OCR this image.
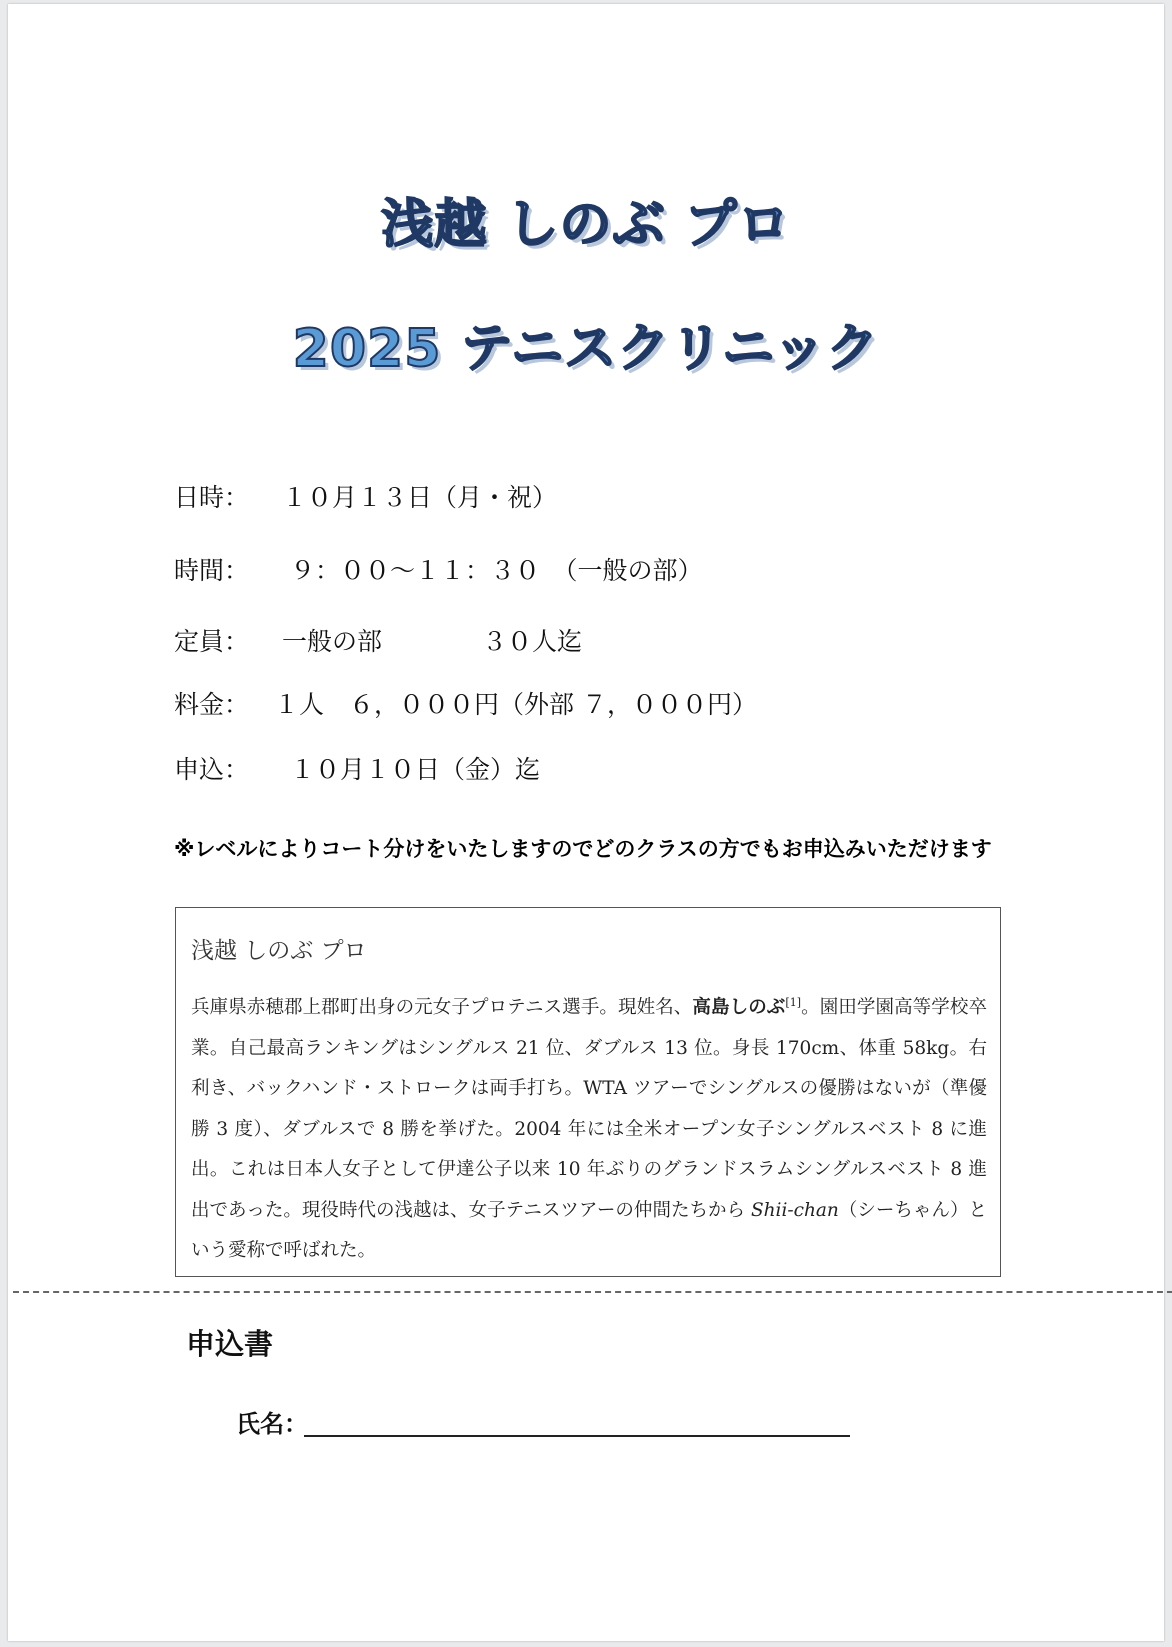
浅越 しのぶ プロ
2025 テニスクリニック
日時： １０月１３日（月・祝）
時間： ９：００～１１：３０　（一般の部）
定員： 一般の部　　　　３０人迄
料金： １人　６，０００円（外部 ７，０００円）
申込： １０月１０日（金）迄
※レベルによりコート分けをいたしますのでどのクラスの方でもお申込みいただけます
浅越 しのぶ プロ
兵庫県赤穂郡上郡町出身の元女子プロテニス選手。現姓名、高島しのぶ[1]。園田学園高等学校卒業。自己最高ランキングはシングルス 21 位、ダブルス 13 位。身長 170cm、体重 58kg。右利き、バックハンド・ストロークは両手打ち。WTA ツアーでシングルスの優勝はないが（準優勝 3 度）、ダブルスで 8 勝を挙げた。2004 年には全米オープン女子シングルスベスト 8 に進出。これは日本人女子として伊達公子以来 10 年ぶりのグランドスラムシングルスベスト 8 進出であった。現役時代の浅越は、女子テニスツアーの仲間たちから Shii-chan（シーちゃん）という愛称で呼ばれた。
申込書
氏名：
